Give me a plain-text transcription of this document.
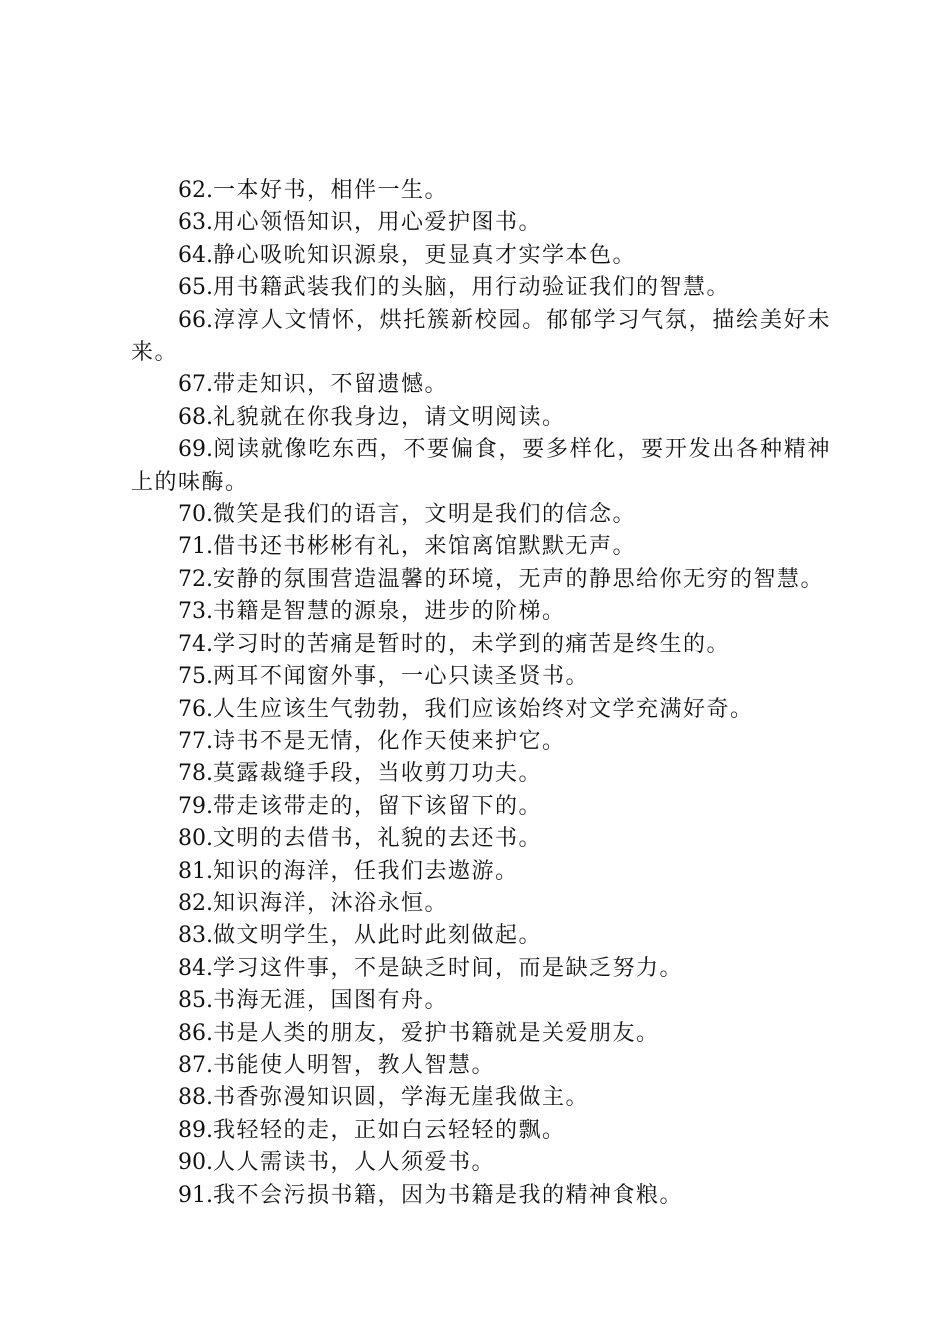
62.一本好书，相伴一生。

63.用心领悟知识，用心爱护图书。

64.静心吸吮知识源泉，更显真才实学本色。

65.用书籍武装我们的头脑，用行动验证我们的智慧。

66.淳淳人文情怀，烘托簇新校园。郁郁学习气氛，描绘美好未来。

67.带走知识，不留遗憾。

68.礼貌就在你我身边，请文明阅读。

69.阅读就像吃东西，不要偏食，要多样化，要开发出各种精神上的味酶。

70.微笑是我们的语言，文明是我们的信念。

71.借书还书彬彬有礼，来馆离馆默默无声。

72.安静的氛围营造温馨的环境，无声的静思给你无穷的智慧。

73.书籍是智慧的源泉，进步的阶梯。

74.学习时的苦痛是暂时的，未学到的痛苦是终生的。

75.两耳不闻窗外事，一心只读圣贤书。

76.人生应该生气勃勃，我们应该始终对文学充满好奇。

77.诗书不是无情，化作天使来护它。

78.莫露裁缝手段，当收剪刀功夫。

79.带走该带走的，留下该留下的。

80.文明的去借书，礼貌的去还书。

81.知识的海洋，任我们去遨游。

82.知识海洋，沐浴永恒。

83.做文明学生，从此时此刻做起。

84.学习这件事，不是缺乏时间，而是缺乏努力。

85.书海无涯，国图有舟。

86.书是人类的朋友，爱护书籍就是关爱朋友。

87.书能使人明智，教人智慧。

88.书香弥漫知识圆，学海无崖我做主。

89.我轻轻的走，正如白云轻轻的飘。

90.人人需读书，人人须爱书。

91.我不会污损书籍，因为书籍是我的精神食粮。
